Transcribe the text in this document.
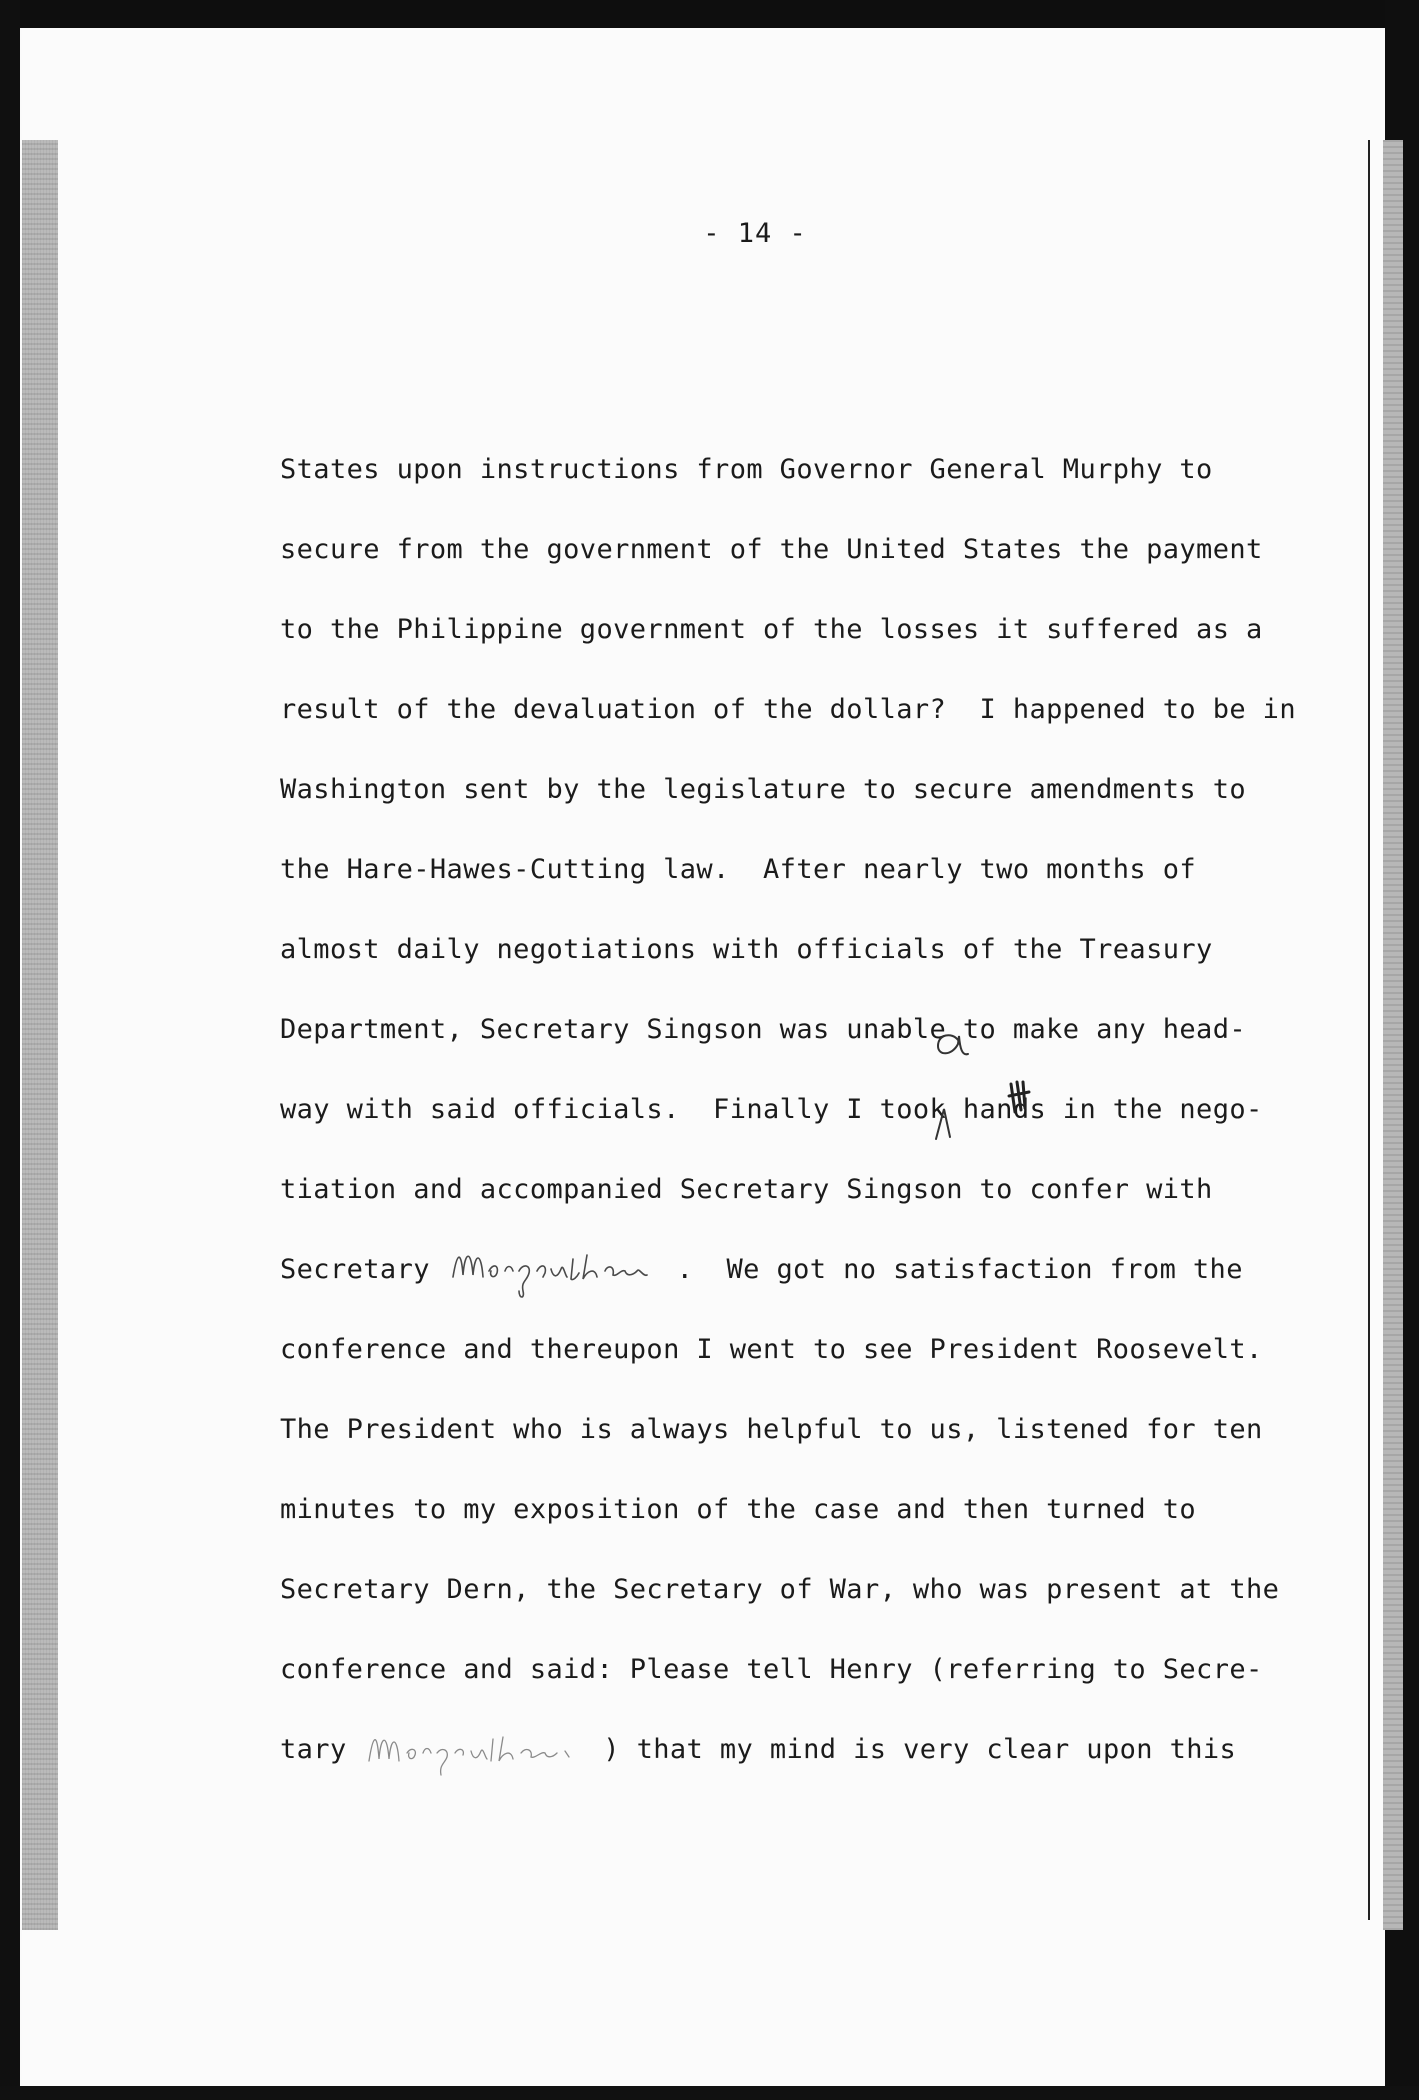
- 14 -
States upon instructions from Governor General Murphy to
secure from the government of the United States the payment
to the Philippine government of the losses it suffered as a
result of the devaluation of the dollar?  I happened to be in
Washington sent by the legislature to secure amendments to
the Hare-Hawes-Cutting law.  After nearly two months of
almost daily negotiations with officials of the Treasury
Department, Secretary Singson was unable to make any head-
way with said officials.  Finally I took hands in the nego-
tiation and accompanied Secretary Singson to confer with
Secretary	.  We got no satisfaction from the
conference and thereupon I went to see President Roosevelt.
The President who is always helpful to us, listened for ten
minutes to my exposition of the case and then turned to
Secretary Dern, the Secretary of War, who was present at the
conference and said: Please tell Henry (referring to Secre-
tary	) that my mind is very clear upon this
